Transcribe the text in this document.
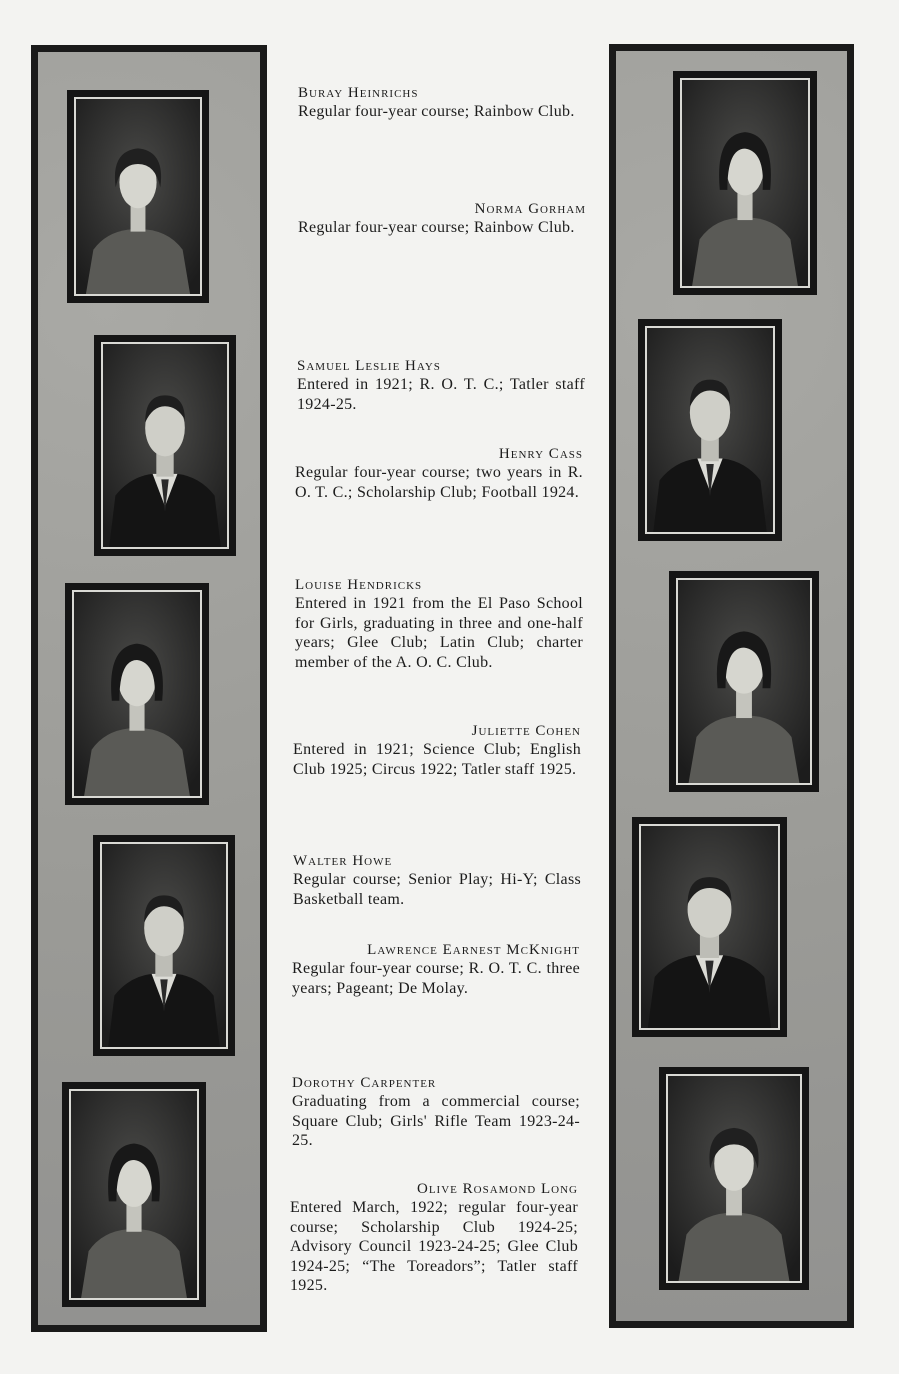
Buray Heinrichs
Regular four-year course; Rainbow Club.
Norma Gorham
Regular four-year course; Rainbow Club.
Samuel Leslie Hays
Entered in 1921; R. O. T. C.; Tatler staff 1924-25.
Henry Cass
Regular four-year course; two years in R. O. T. C.; Scholarship Club; Football 1924.
Louise Hendricks
Entered in 1921 from the El Paso School for Girls, graduating in three and one-half years; Glee Club; Latin Club; charter member of the A. O. C. Club.
Juliette Cohen
Entered in 1921; Science Club; English Club 1925; Circus 1922; Tatler staff 1925.
Walter Howe
Regular course; Senior Play; Hi-Y; Class Basketball team.
Lawrence Earnest McKnight
Regular four-year course; R. O. T. C. three years; Pageant; De Molay.
Dorothy Carpenter
Graduating from a commercial course; Square Club; Girls' Rifle Team 1923-24-25.
Olive Rosamond Long
Entered March, 1922; regular four-year course; Scholarship Club 1924-25; Advisory Council 1923-24-25; Glee Club 1924-25; “The Toreadors”; Tatler staff 1925.
